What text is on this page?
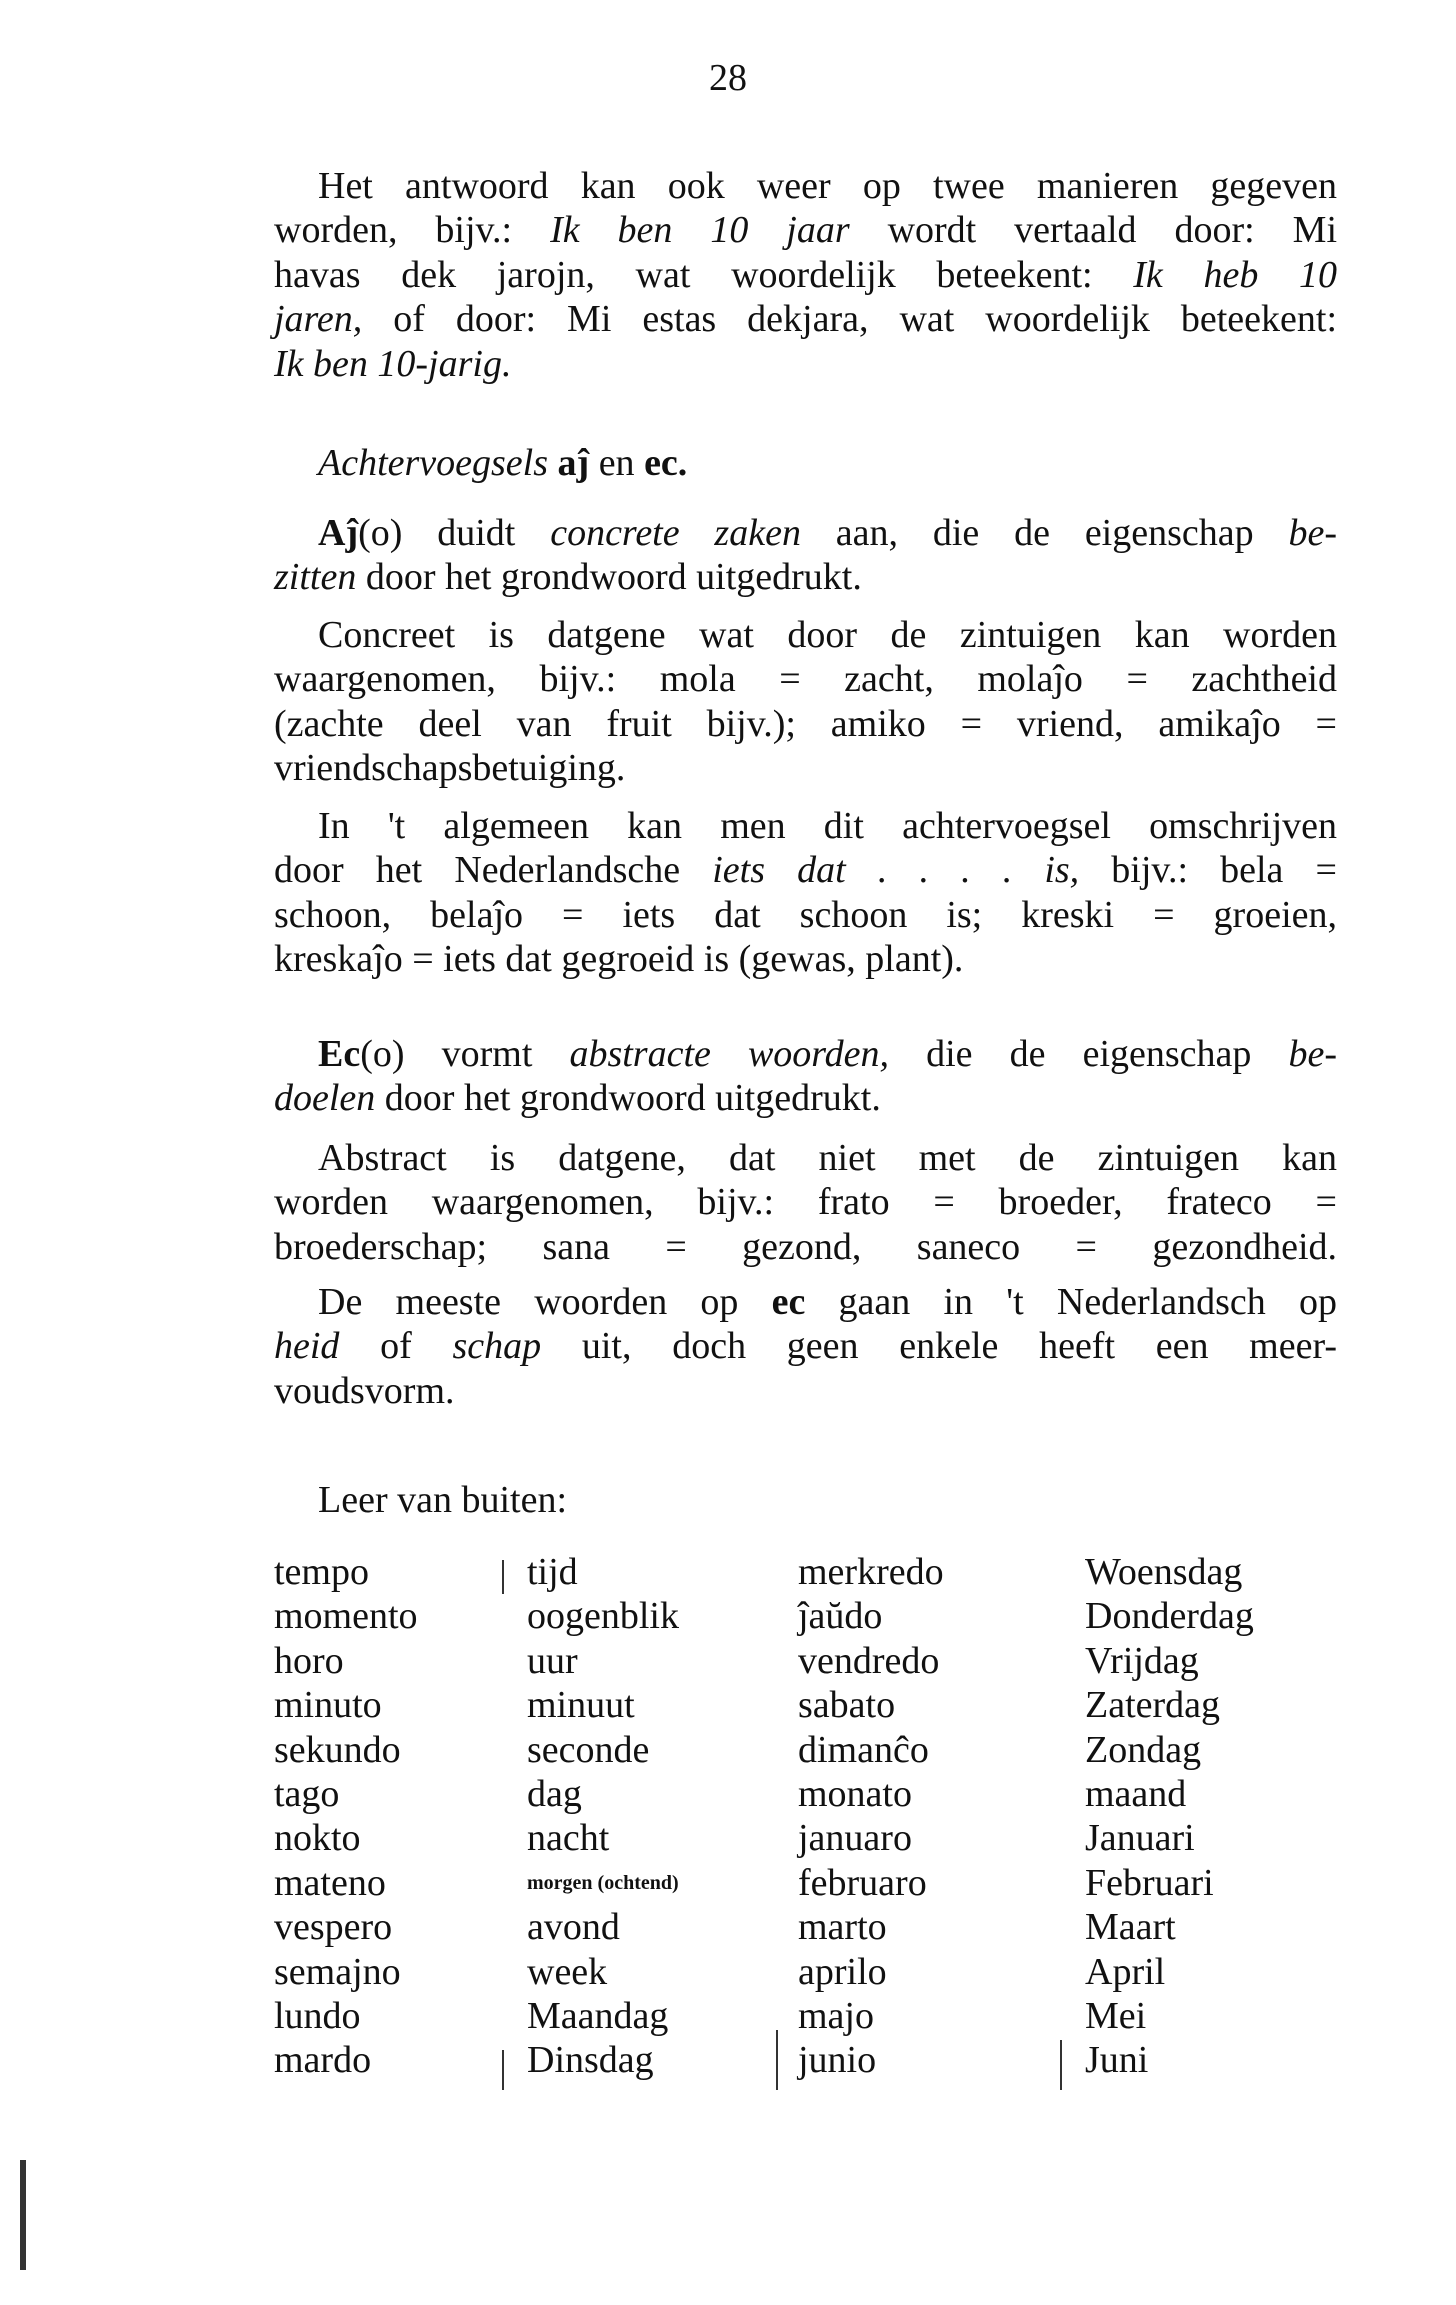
28
Het antwoord kan ook weer op twee manieren gegeven
worden, bijv.: Ik ben 10 jaar wordt vertaald door: Mi
havas dek jarojn, wat woordelijk beteekent: Ik heb 10
jaren, of door: Mi estas dekjara, wat woordelijk beteekent:
Ik ben 10-jarig.
Achtervoegsels aĵ en ec.
Aĵ(o) duidt concrete zaken aan, die de eigenschap be-
zitten door het grondwoord uitgedrukt.
Concreet is datgene wat door de zintuigen kan worden
waargenomen, bijv.: mola = zacht, molaĵo = zachtheid
(zachte deel van fruit bijv.); amiko = vriend, amikaĵo =
vriendschapsbetuiging.
In 't algemeen kan men dit achtervoegsel omschrijven
door het Nederlandsche iets dat . . . . is, bijv.: bela =
schoon, belaĵo = iets dat schoon is; kreski = groeien,
kreskaĵo = iets dat gegroeid is (gewas, plant).
Ec(o) vormt abstracte woorden, die de eigenschap be-
doelen door het grondwoord uitgedrukt.
Abstract is datgene, dat niet met de zintuigen kan
worden waargenomen, bijv.: frato = broeder, frateco =
broederschap; sana = gezond, saneco = gezondheid.
De meeste woorden op ec gaan in 't Nederlandsch op
heid of schap uit, doch geen enkele heeft een meer-
voudsvorm.
Leer van buiten:
tempo	tijd	merkredo	Woensdag
momento	oogenblik	ĵaŭdo	Donderdag
horo	uur	vendredo	Vrijdag
minuto	minuut	sabato	Zaterdag
sekundo	seconde	dimanĉo	Zondag
tago	dag	monato	maand
nokto	nacht	januaro	Januari
mateno	morgen (ochtend)	februaro	Februari
vespero	avond	marto	Maart
semajno	week	aprilo	April
lundo	Maandag	majo	Mei
mardo	Dinsdag	junio	Juni
